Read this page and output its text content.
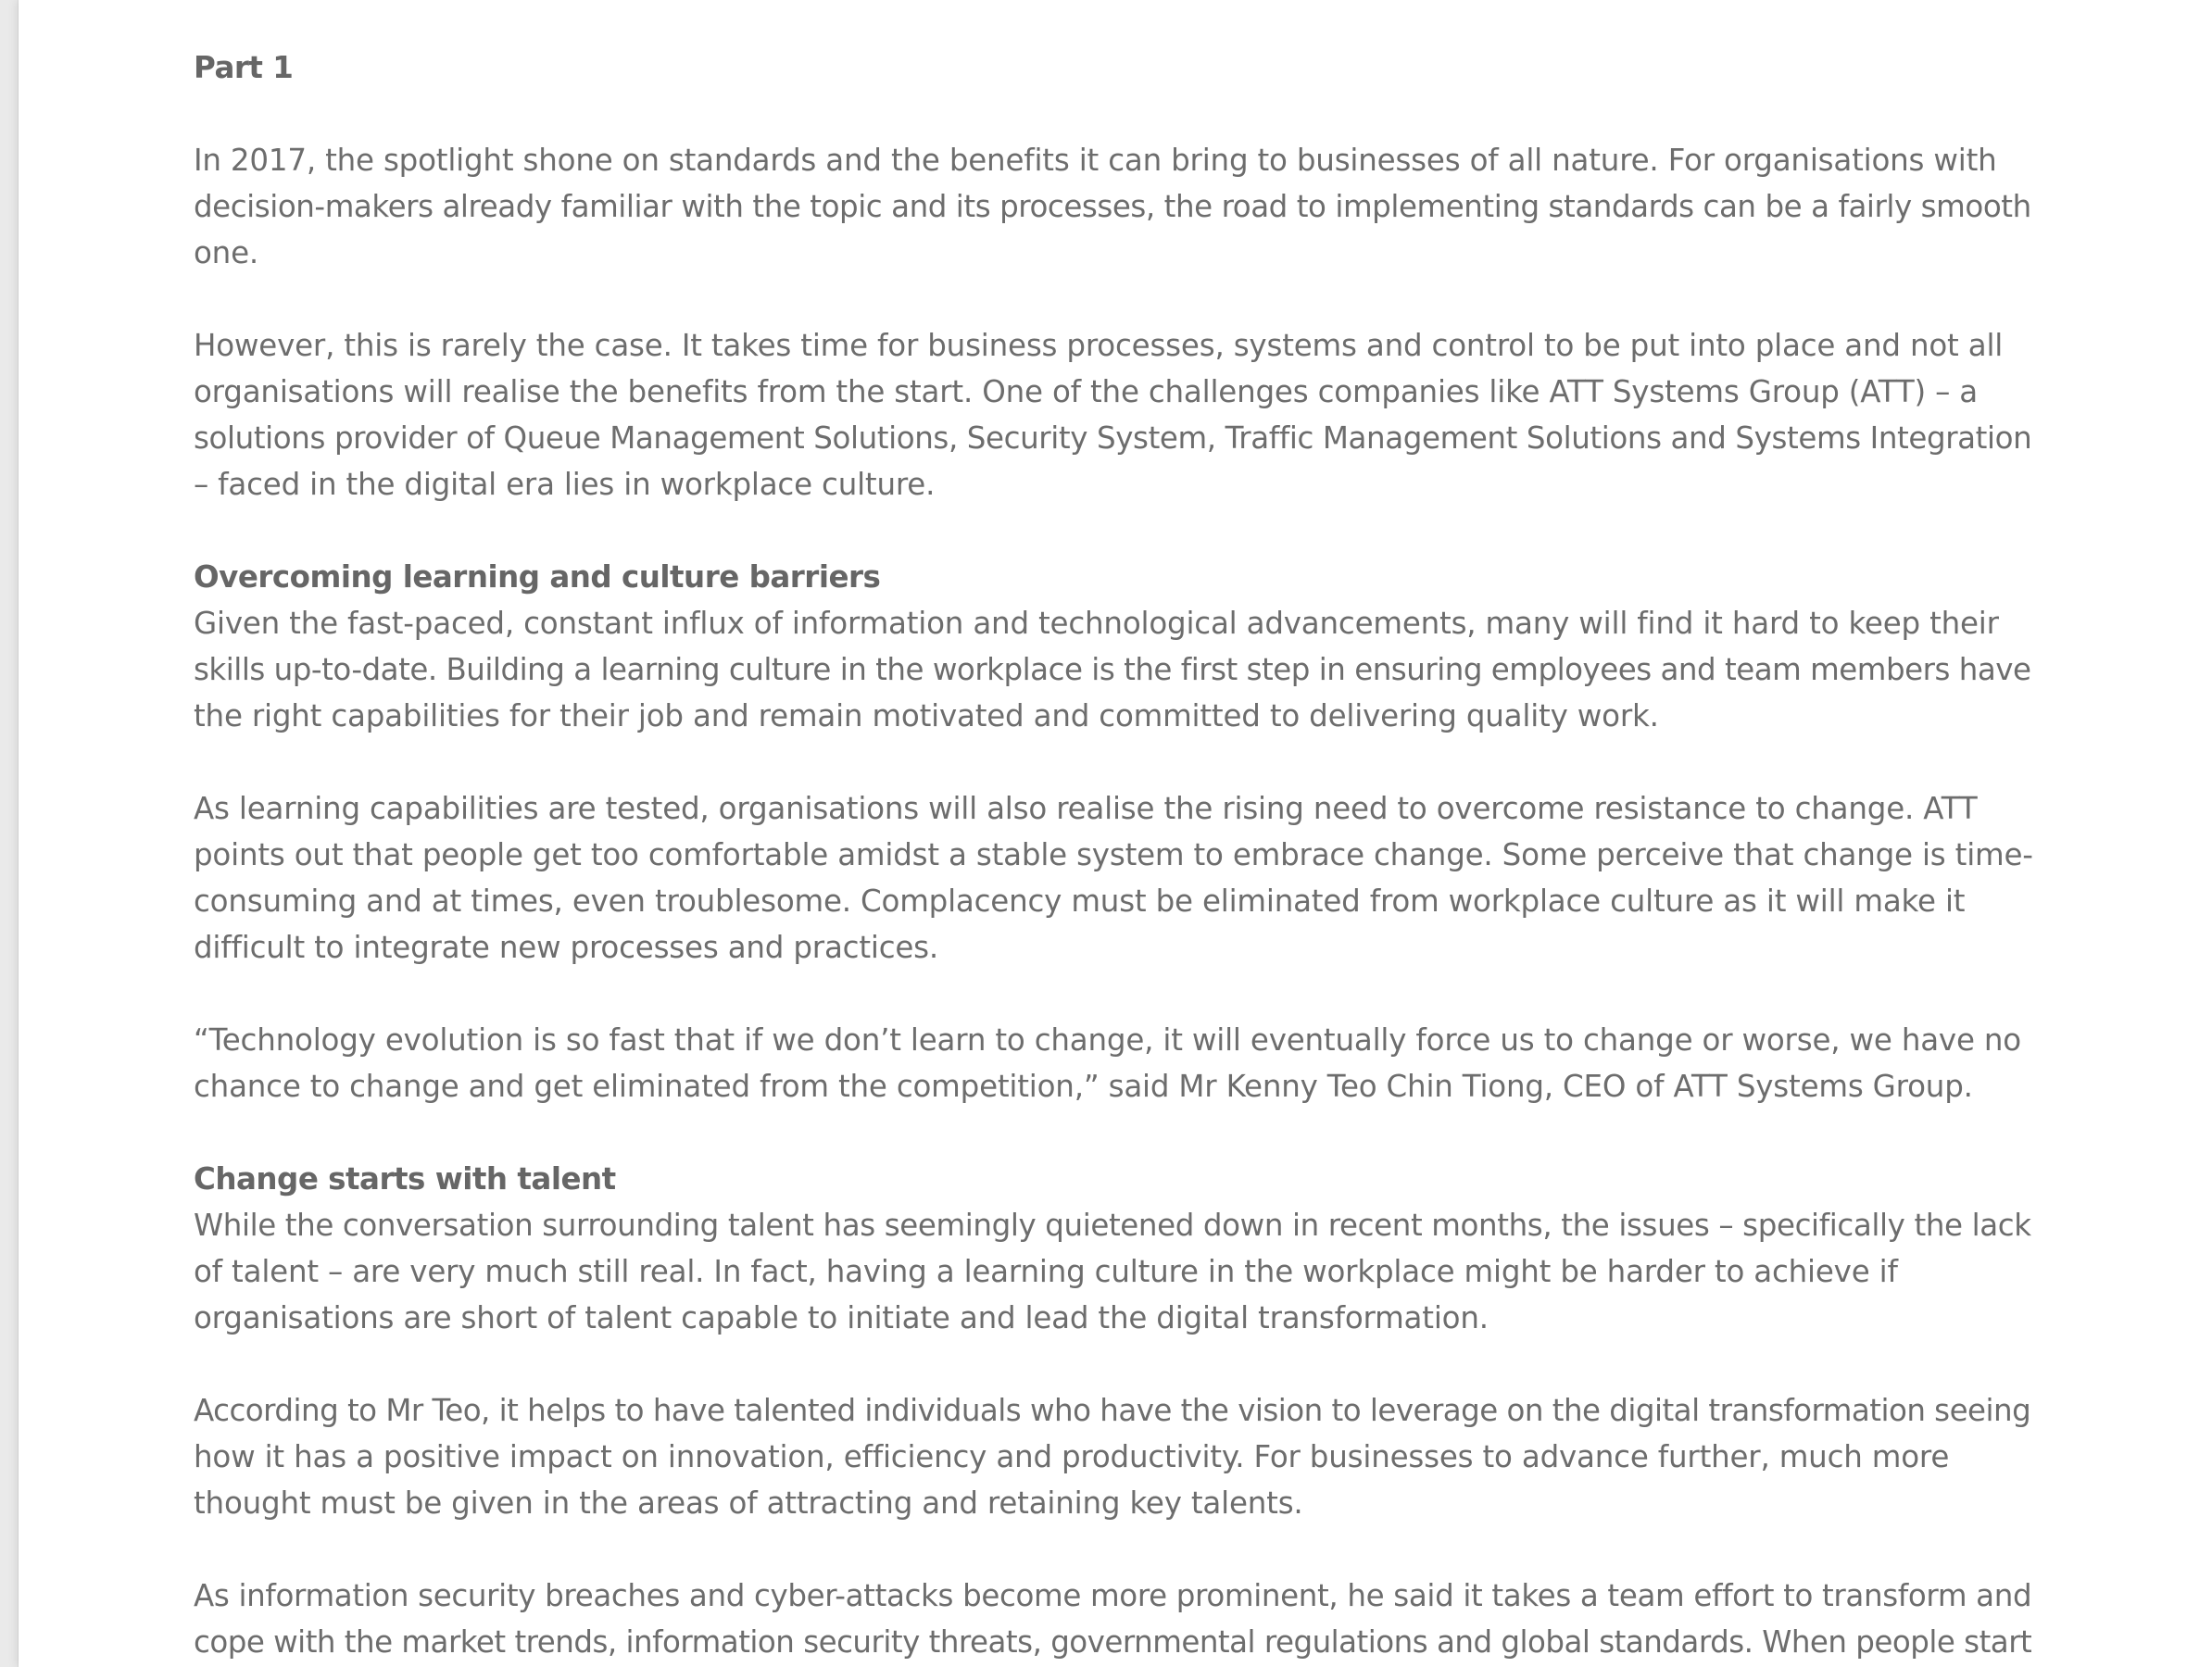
Part 1

In 2017, the spotlight shone on standards and the benefits it can bring to businesses of all nature. For organisations with
decision-makers already familiar with the topic and its processes, the road to implementing standards can be a fairly smooth
one.

However, this is rarely the case. It takes time for business processes, systems and control to be put into place and not all
organisations will realise the benefits from the start. One of the challenges companies like ATT Systems Group (ATT) – a
solutions provider of Queue Management Solutions, Security System, Traffic Management Solutions and Systems Integration
– faced in the digital era lies in workplace culture.

Overcoming learning and culture barriers
Given the fast-paced, constant influx of information and technological advancements, many will find it hard to keep their
skills up-to-date. Building a learning culture in the workplace is the first step in ensuring employees and team members have
the right capabilities for their job and remain motivated and committed to delivering quality work.

As learning capabilities are tested, organisations will also realise the rising need to overcome resistance to change. ATT
points out that people get too comfortable amidst a stable system to embrace change. Some perceive that change is time-
consuming and at times, even troublesome. Complacency must be eliminated from workplace culture as it will make it
difficult to integrate new processes and practices.

“Technology evolution is so fast that if we don’t learn to change, it will eventually force us to change or worse, we have no
chance to change and get eliminated from the competition,” said Mr Kenny Teo Chin Tiong, CEO of ATT Systems Group.

Change starts with talent
While the conversation surrounding talent has seemingly quietened down in recent months, the issues – specifically the lack
of talent – are very much still real. In fact, having a learning culture in the workplace might be harder to achieve if
organisations are short of talent capable to initiate and lead the digital transformation.

According to Mr Teo, it helps to have talented individuals who have the vision to leverage on the digital transformation seeing
how it has a positive impact on innovation, efficiency and productivity. For businesses to advance further, much more
thought must be given in the areas of attracting and retaining key talents.

As information security breaches and cyber-attacks become more prominent, he said it takes a team effort to transform and
cope with the market trends, information security threats, governmental regulations and global standards. When people start
